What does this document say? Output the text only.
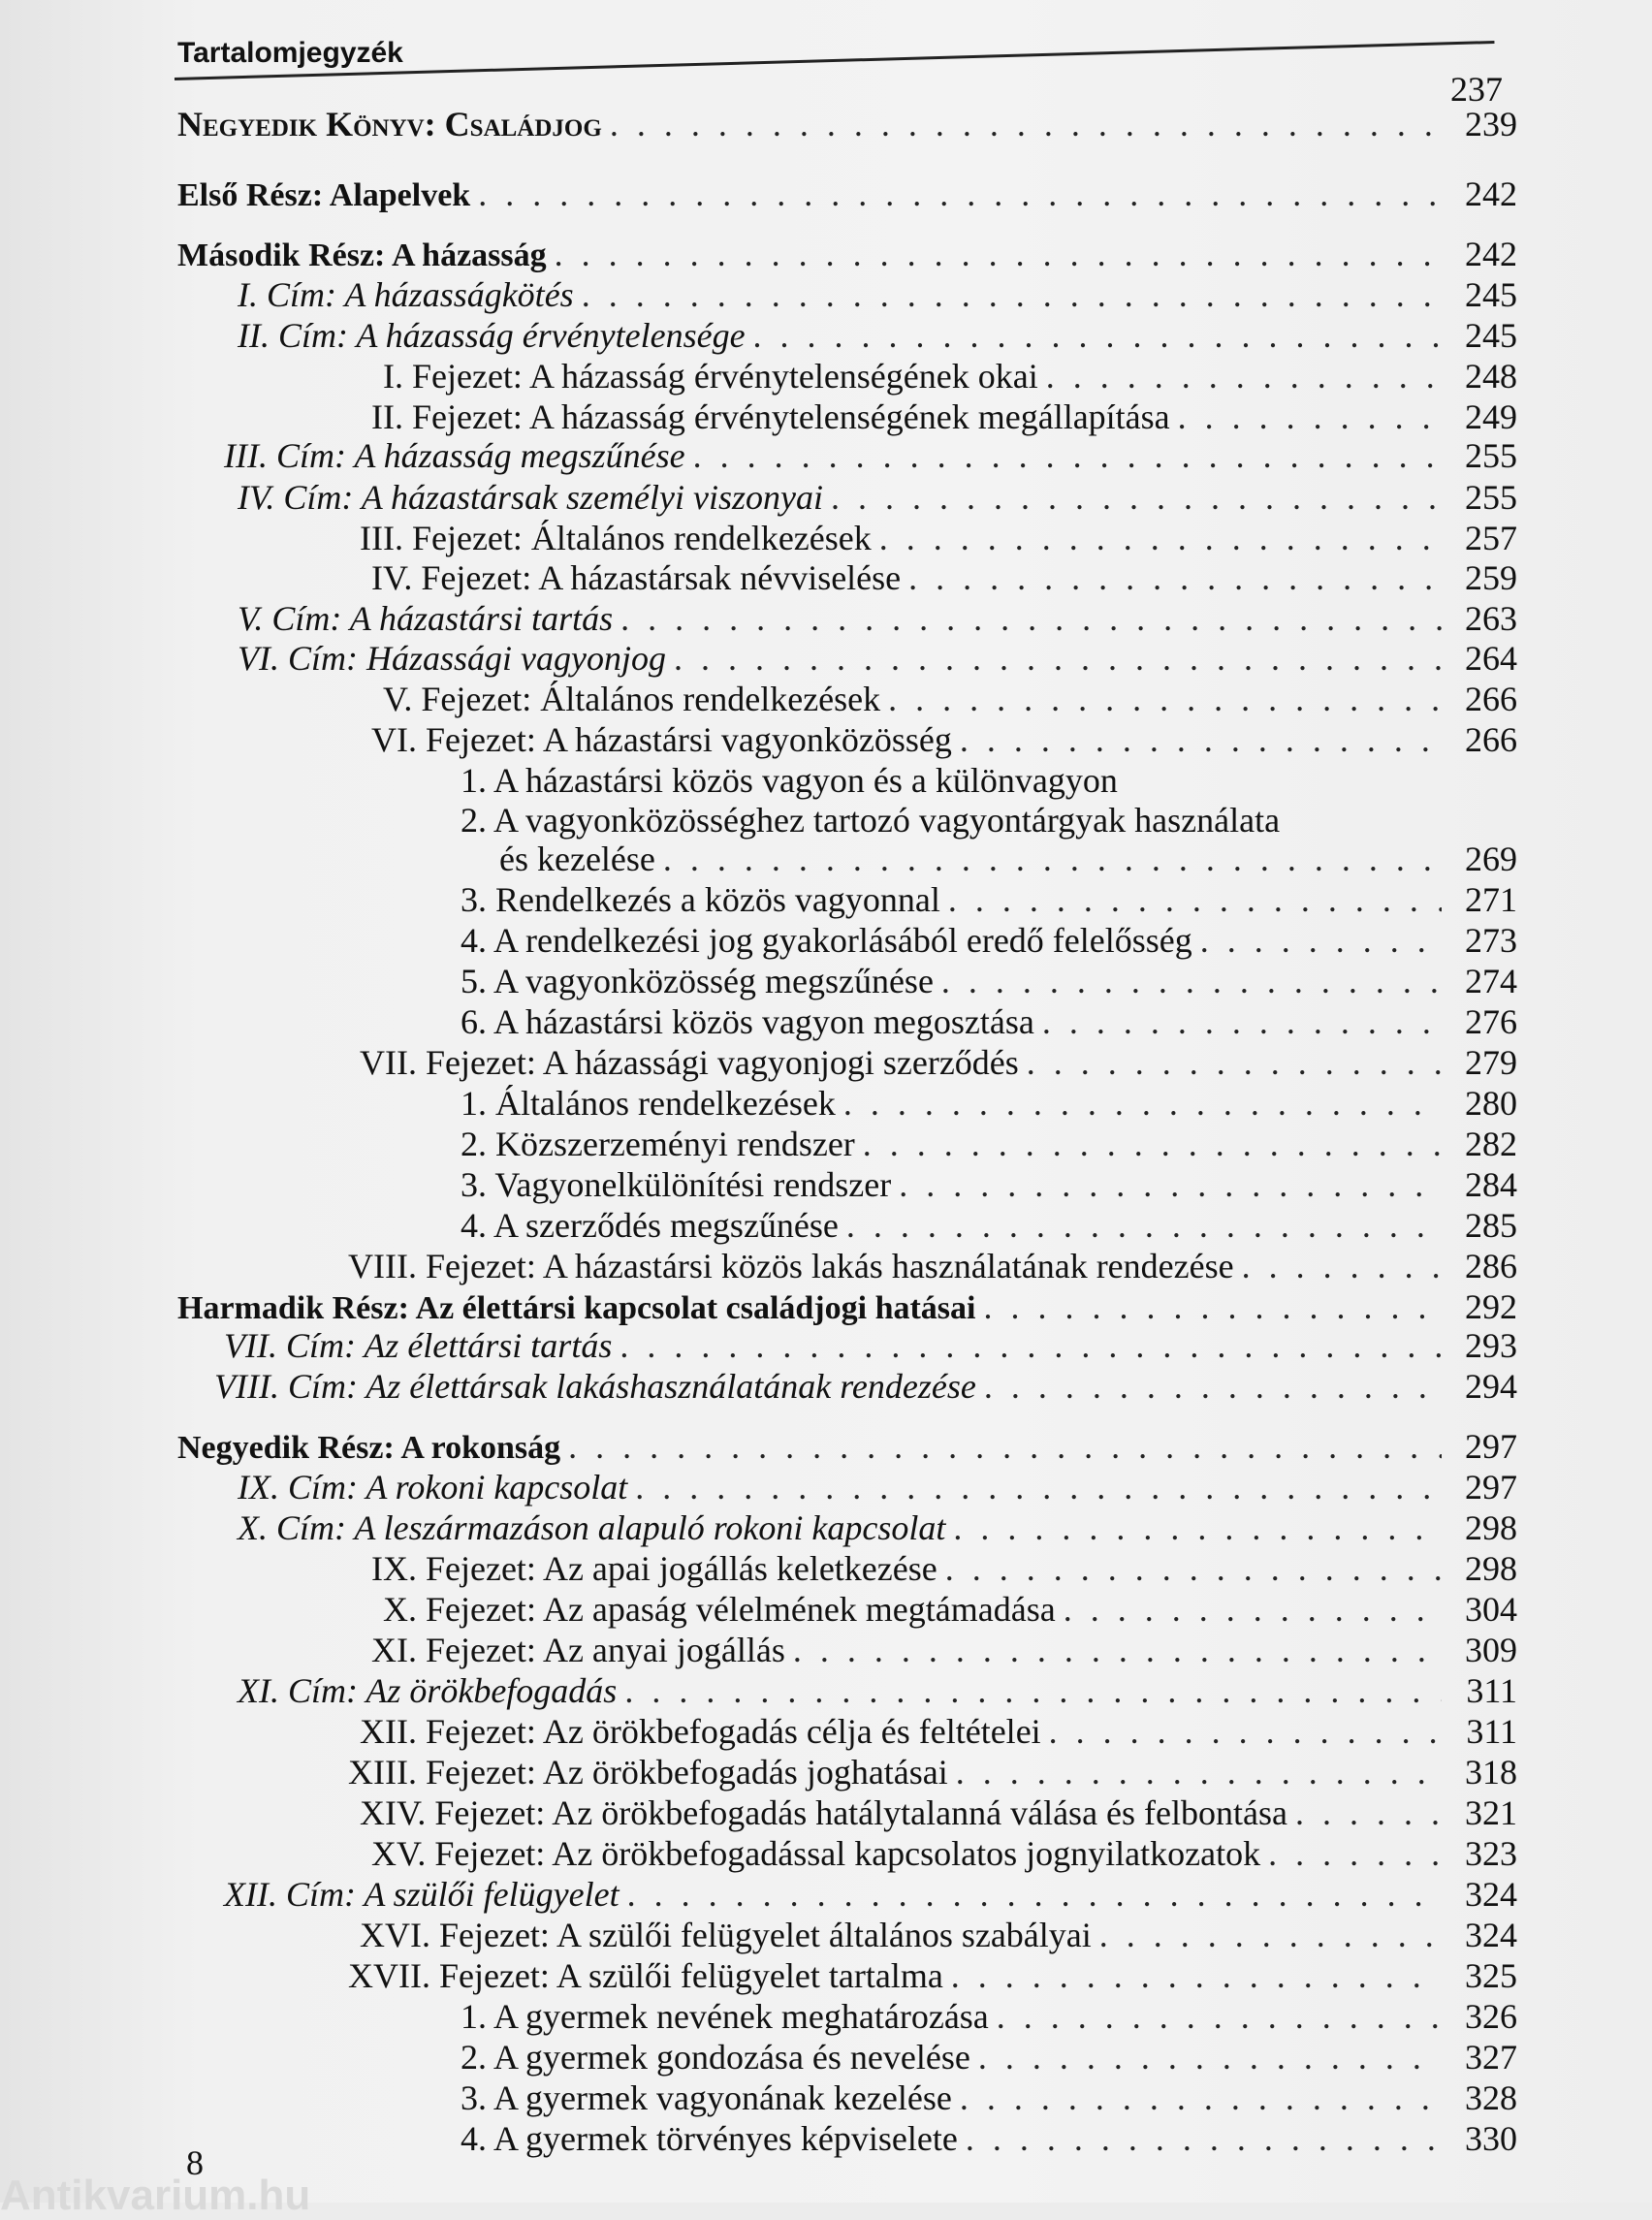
Tartalomjegyzék
237
Negyedik Könyv: Családjog . . .	239
Első Rész: Alapelvek . . .	242
Második Rész: A házasság . . .	242
I. Cím: A házasságkötés . . .	245
II. Cím: A házasság érvénytelensége . . .	245
I. Fejezet: A házasság érvénytelenségének okai . . .	248
II. Fejezet: A házasság érvénytelenségének megállapítása . . .	249
III. Cím: A házasság megszűnése . . .	255
IV. Cím: A házastársak személyi viszonyai . . .	255
III. Fejezet: Általános rendelkezések . . .	257
IV. Fejezet: A házastársak névviselése . . .	259
V. Cím: A házastársi tartás . . .	263
VI. Cím: Házassági vagyonjog . . .	264
V. Fejezet: Általános rendelkezések . . .	266
VI. Fejezet: A házastársi vagyonközösség . . .	266
1. A házastársi közös vagyon és a különvagyon
2. A vagyonközösséghez tartozó vagyontárgyak használata
és kezelése . . .	269
3. Rendelkezés a közös vagyonnal . . .	271
4. A rendelkezési jog gyakorlásából eredő felelősség . . .	273
5. A vagyonközösség megszűnése . . .	274
6. A házastársi közös vagyon megosztása . . .	276
VII. Fejezet: A házassági vagyonjogi szerződés . . .	279
1. Általános rendelkezések . . .	280
2. Közszerzeményi rendszer . . .	282
3. Vagyonelkülönítési rendszer . . .	284
4. A szerződés megszűnése . . .	285
VIII. Fejezet: A házastársi közös lakás használatának rendezése . . .	286
Harmadik Rész: Az élettársi kapcsolat családjogi hatásai . . .	292
VII. Cím: Az élettársi tartás . . .	293
VIII. Cím: Az élettársak lakáshasználatának rendezése . . .	294
Negyedik Rész: A rokonság . . .	297
IX. Cím: A rokoni kapcsolat . . .	297
X. Cím: A leszármazáson alapuló rokoni kapcsolat . . .	298
IX. Fejezet: Az apai jogállás keletkezése . . .	298
X. Fejezet: Az apaság vélelmének megtámadása . . .	304
XI. Fejezet: Az anyai jogállás . . .	309
XI. Cím: Az örökbefogadás . . .	311
XII. Fejezet: Az örökbefogadás célja és feltételei . . .	311
XIII. Fejezet: Az örökbefogadás joghatásai . . .	318
XIV. Fejezet: Az örökbefogadás hatálytalanná válása és felbontása . . .	321
XV. Fejezet: Az örökbefogadással kapcsolatos jognyilatkozatok . . .	323
XII. Cím: A szülői felügyelet . . .	324
XVI. Fejezet: A szülői felügyelet általános szabályai . . .	324
XVII. Fejezet: A szülői felügyelet tartalma . . .	325
1. A gyermek nevének meghatározása . . .	326
2. A gyermek gondozása és nevelése . . .	327
3. A gyermek vagyonának kezelése . . .	328
4. A gyermek törvényes képviselete . . .	330
8
Antikvarium.hu
